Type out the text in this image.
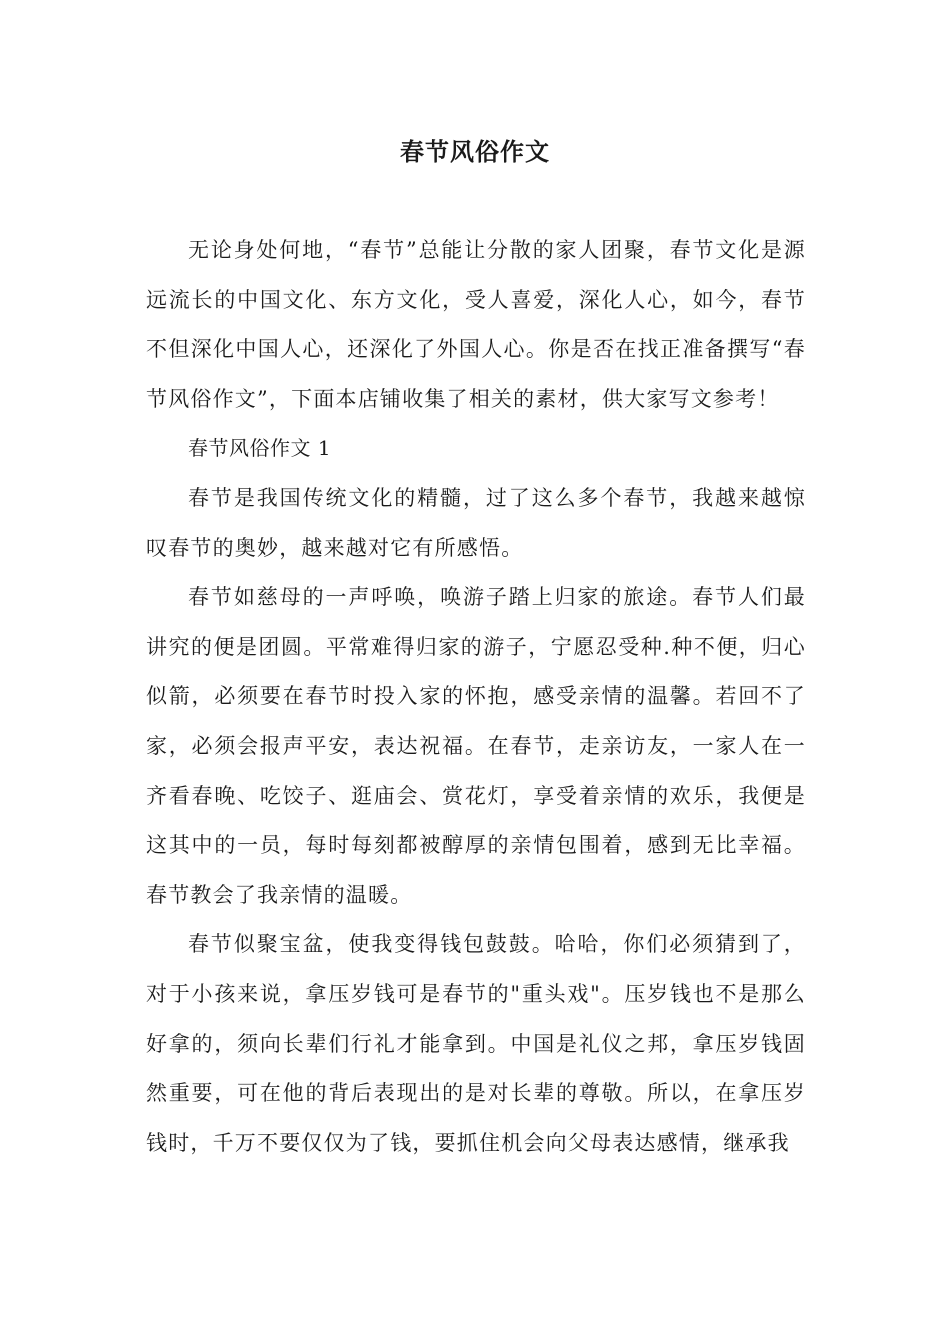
春节风俗作文

无论身处何地，“春节”总能让分散的家人团聚，春节文化是源远流长的中国文化、东方文化，受人喜爱，深化人心，如今，春节不但深化中国人心，还深化了外国人心。你是否在找正准备撰写“春节风俗作文”，下面本店铺收集了相关的素材，供大家写文参考！

春节风俗作文 1

春节是我国传统文化的精髓，过了这么多个春节，我越来越惊叹春节的奥妙，越来越对它有所感悟。

春节如慈母的一声呼唤，唤游子踏上归家的旅途。春节人们最讲究的便是团圆。平常难得归家的游子，宁愿忍受种.种不便，归心似箭，必须要在春节时投入家的怀抱，感受亲情的温馨。若回不了家，必须会报声平安，表达祝福。在春节，走亲访友，一家人在一齐看春晚、吃饺子、逛庙会、赏花灯，享受着亲情的欢乐，我便是这其中的一员，每时每刻都被醇厚的亲情包围着，感到无比幸福。春节教会了我亲情的温暖。

春节似聚宝盆，使我变得钱包鼓鼓。哈哈，你们必须猜到了，对于小孩来说，拿压岁钱可是春节的"重头戏"。压岁钱也不是那么好拿的，须向长辈们行礼才能拿到。中国是礼仪之邦，拿压岁钱固然重要，可在他的背后表现出的是对长辈的尊敬。所以，在拿压岁钱时，千万不要仅仅为了钱，要抓住机会向父母表达感情，继承我
